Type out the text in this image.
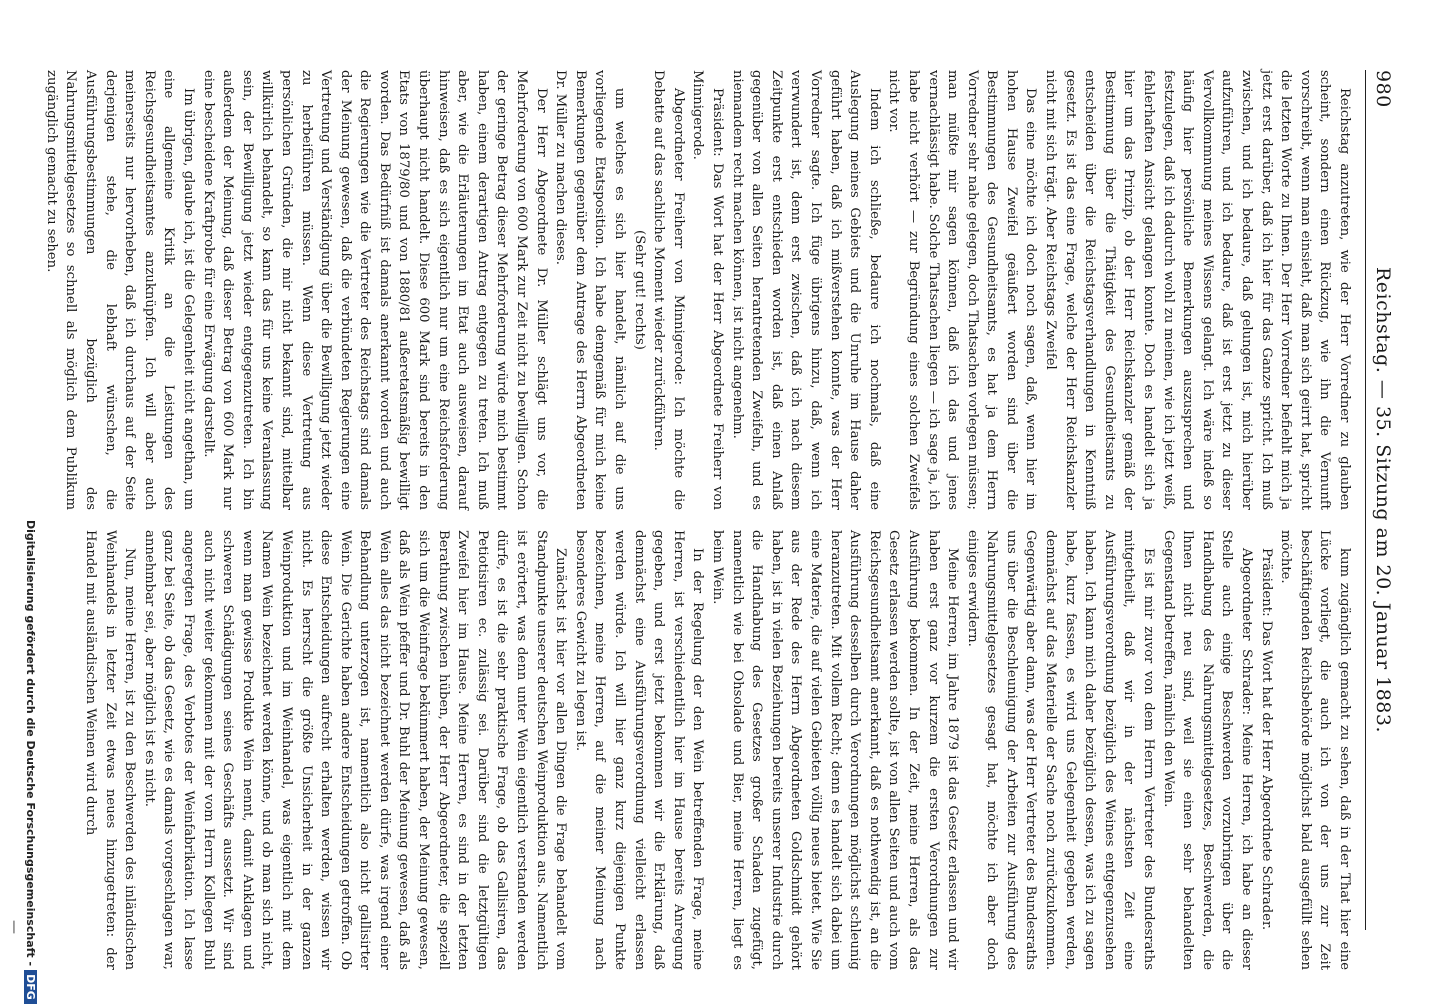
980
Reichstag. — 35. Sitzung am 20. Januar 1883.

Reichstag anzutreten, wie der Herr Vorredner zu glauben scheint, sondern einen Rückzug, wie ihn die Vernunft vorschreibt, wenn man einsieht, daß man sich geirrt hat, spricht die letzten Worte zu Ihnen. Der Herr Vorredner befiehlt mich ja jetzt erst darüber, daß ich hier für das Ganze spricht. Ich muß zwischen, und ich bedaure, daß gelungen ist, mich hierüber aufzuführen, und ich bedaure, daß ist erst jetzt zu dieser Vervollkommnung meines Wissens gelangt. Ich wäre indeß so häufig hier persönliche Bemerkungen auszusprechen und festzulegen, daß ich dadurch wohl zu meinen, wie ich jetzt weiß, fehlerhaften Ansicht gelangen konnte. Doch es handelt sich ja hier um das Prinzip, ob der Herr Reichskanzler gemäß der Bestimmung über die Thätigkeit des Gesundheitsamts zu entscheiden über die Reichstagsverhandlungen in Kenntniß gesetzt. Es ist das eine Frage, welche der Herr Reichskanzler nicht mit sich trägt. Aber Reichstags Zweifel

Das eine möchte ich doch noch sagen, daß, wenn hier im hohen Hause Zweifel geäußert worden sind über die Bestimmungen des Gesundheitsamts, es hat ja dem Herrn Vorredner sehr nahe gelegen, doch Thatsachen vorlegen müssen; man müßte mir sagen können, daß ich das und jenes vernachlässigt habe. Solche Thatsachen liegen — ich sage ja, ich habe nicht verhört — zur Begründung eines solchen Zweifels nicht vor.

Indem ich schließe, bedaure ich nochmals, daß eine Auslegung meines Gebiets und die Unruhe im Hause daher geführt haben, daß ich mißverstehen konnte, was der Herr Vorredner sagte. Ich füge übrigens hinzu, daß, wenn ich verwundert ist, denn erst zwischen, daß ich nach diesem Zeitpunkte erst entschieden worden ist, daß einen Anlaß gegenüber von allen Seiten herantretenden Zweifeln, und es niemandem recht machen können, ist nicht angenehm.

Präsident: Das Wort hat der Herr Abgeordnete Freiherr von Minnigerode.

Abgeordneter Freiherr von Minnigerode: Ich möchte die Debatte auf das sachliche Moment wieder zurückführen.

(Sehr gut! rechts)

um welches es sich hier handelt, nämlich auf die uns vorliegende Etatsposition. Ich habe demgemäß für mich keine Bemerkungen gegenüber dem Antrage des Herrn Abgeordneten Dr. Müller zu machen dieses.

Der Herr Abgeordnete Dr. Müller schlägt uns vor, die Mehrforderung von 600 Mark zur Zeit nicht zu bewilligen. Schon der geringe Betrag dieser Mehrforderung würde mich bestimmt haben, einem derartigen Antrag entgegen zu treten. Ich muß aber, wie die Erläuterungen im Etat auch ausweisen, darauf hinweisen, daß es sich eigentlich nur um eine Reichsforderung überhaupt nicht handelt. Diese 600 Mark sind bereits in den Etats von 1879/80 und von 1880/81 außeretatsmäßig bewilligt worden. Das Bedürfniß ist damals anerkannt worden und auch die Regierungen wie die Vertreter des Reichstags sind damals der Meinung gewesen, daß die verbündeten Regierungen eine Vertretung und Verständigung über die Bewilligung jetzt wieder zu herbeiführen müssen. Wenn diese Vertretung aus persönlichen Gründen, die mir nicht bekannt sind, mittelbar willkürlich behandelt, so kann das für uns keine Veranlassung sein, der Bewilligung jetzt wieder entgegenzutreten. Ich bin außerdem der Meinung, daß dieser Betrag von 600 Mark nur eine bescheidene Kraftprobe für eine Erwägung darstellt.

Im übrigen, glaube ich, ist die Gelegenheit nicht angethan, um eine allgemeine Kritik an die Leistungen des Reichsgesundheitsamtes anzuknüpfen. Ich will aber auch meinerseits nur hervorheben, daß ich durchaus auf der Seite derjenigen stehe, die lebhaft wünschen, die Ausführungsbestimmungen bezüglich des Nahrungsmittelgesetzes so schnell als möglich dem Publikum zugänglich gemacht zu sehen.

kum zugänglich gemacht zu sehen, daß in der That hier eine Lücke vorliegt, die auch ich von der uns zur Zeit beschäftigenden Reichsbehörde möglichst bald ausgefüllt sehen möchte.

Präsident: Das Wort hat der Herr Abgeordnete Schrader.

Abgeordneter Schrader: Meine Herren, ich habe an dieser Stelle auch einige Beschwerden vorzubringen über die Handhabung des Nahrungsmittelgesetzes, Beschwerden, die Ihnen nicht neu sind, weil sie einen sehr behandelten Gegenstand betreffen, nämlich den Wein.

Es ist mir zuvor von dem Herrn Vertreter des Bundesraths mitgetheilt, daß wir in der nächsten Zeit eine Ausführungsverordnung bezüglich des Weines entgegenzusehen haben. Ich kann mich daher bezüglich dessen, was ich zu sagen habe, kurz fassen, es wird uns Gelegenheit gegeben werden, demnächst auf das Materielle der Sache noch zurückzukommen. Gegenwärtig aber dann, was der Herr Vertreter des Bundesraths uns über die Beschleunigung der Arbeiten zur Ausführung des Nahrungsmittelgesetzes gesagt hat, möchte ich aber doch einiges erwidern.

Meine Herren, im Jahre 1879 ist das Gesetz erlassen und wir haben erst ganz vor kurzem die ersten Verordnungen zur Ausführung bekommen. In der Zeit, meine Herren, als das Gesetz erlassen werden sollte, ist von allen Seiten und auch vom Reichsgesundheitsamt anerkannt, daß es nothwendig ist, an die Ausführung desselben durch Verordnungen möglichst schleunig heranzutreten. Mit vollem Recht; denn es handelt sich dabei um eine Materie, die auf vielen Gebieten völlig neues bietet. Wie Sie aus der Rede des Herrn Abgeordneten Goldschmidt gehört haben, ist in vielen Beziehungen bereits unserer Industrie durch die Handhabung des Gesetzes großer Schaden zugefügt, namentlich wie bei Ohsolade und Bier, meine Herren, liegt es beim Wein.

In der Regelung der den Wein betreffenden Frage, meine Herren, ist verschiedentlich hier im Hause bereits Anregung gegeben, und erst jetzt bekommen wir die Erklärung, daß demnächst eine Ausführungsverordnung vielleicht erlassen werden würde. Ich will hier ganz kurz diejenigen Punkte bezeichnen, meine Herren, auf die meiner Meinung nach besonderes Gewicht zu legen ist.

Zunächst ist hier vor allen Dingen die Frage behandelt vom Standpunkte unserer deutschen Weinproduktion aus. Namentlich ist erörtert, was denn unter Wein eigentlich verstanden werden dürfe, es ist die sehr praktische Frage, ob das Gallisiren, das Petiotisiren ec. zulässig sei. Darüber sind die letztgültigen Zweifel hier im Hause. Meine Herren, es sind in der letzten Berathung zwischen hüben, der Herr Abgeordneter, die speziell sich um die Weinfrage bekümmert haben, der Meinung gewesen, daß als Wein pfeffer und Dr. Buhl der Meinung gewesen, daß als Wein alles das nicht bezeichnet werden dürfe, was irgend einer Behandlung unterzogen ist, namentlich also nicht gallisirter Wein. Die Gerichte haben andere Entscheidungen getroffen. Ob diese Entscheidungen aufrecht erhalten werden, wissen wir nicht. Es herrscht die größte Unsicherheit in der ganzen Weinproduktion und im Weinhandel, was eigentlich mit dem Namen Wein bezeichnet werden könne, und ob man sich nicht, wenn man gewisse Produkte Wein nennt, damit Anklagen und schweren Schädigungen seines Geschäfts aussetzt. Wir sind auch nicht weiter gekommen mit der vom Herrn Kollegen Buhl angeregten Frage, des Verbotes der Weinfabrikation. Ich lasse ganz bei Seite, ob das Gesetz, wie es damals vorgeschlagen war, annehmbar sei, aber möglich ist es nicht.

Nun, meine Herren, ist zu den Beschwerden des inländischen Weinhandels in letzter Zeit etwas neues hinzugetreten: der Handel mit ausländischen Weinen wird durch

Digitalisierung gefördert durch die Deutsche Forschungsgemeinschaft -DFG
—
